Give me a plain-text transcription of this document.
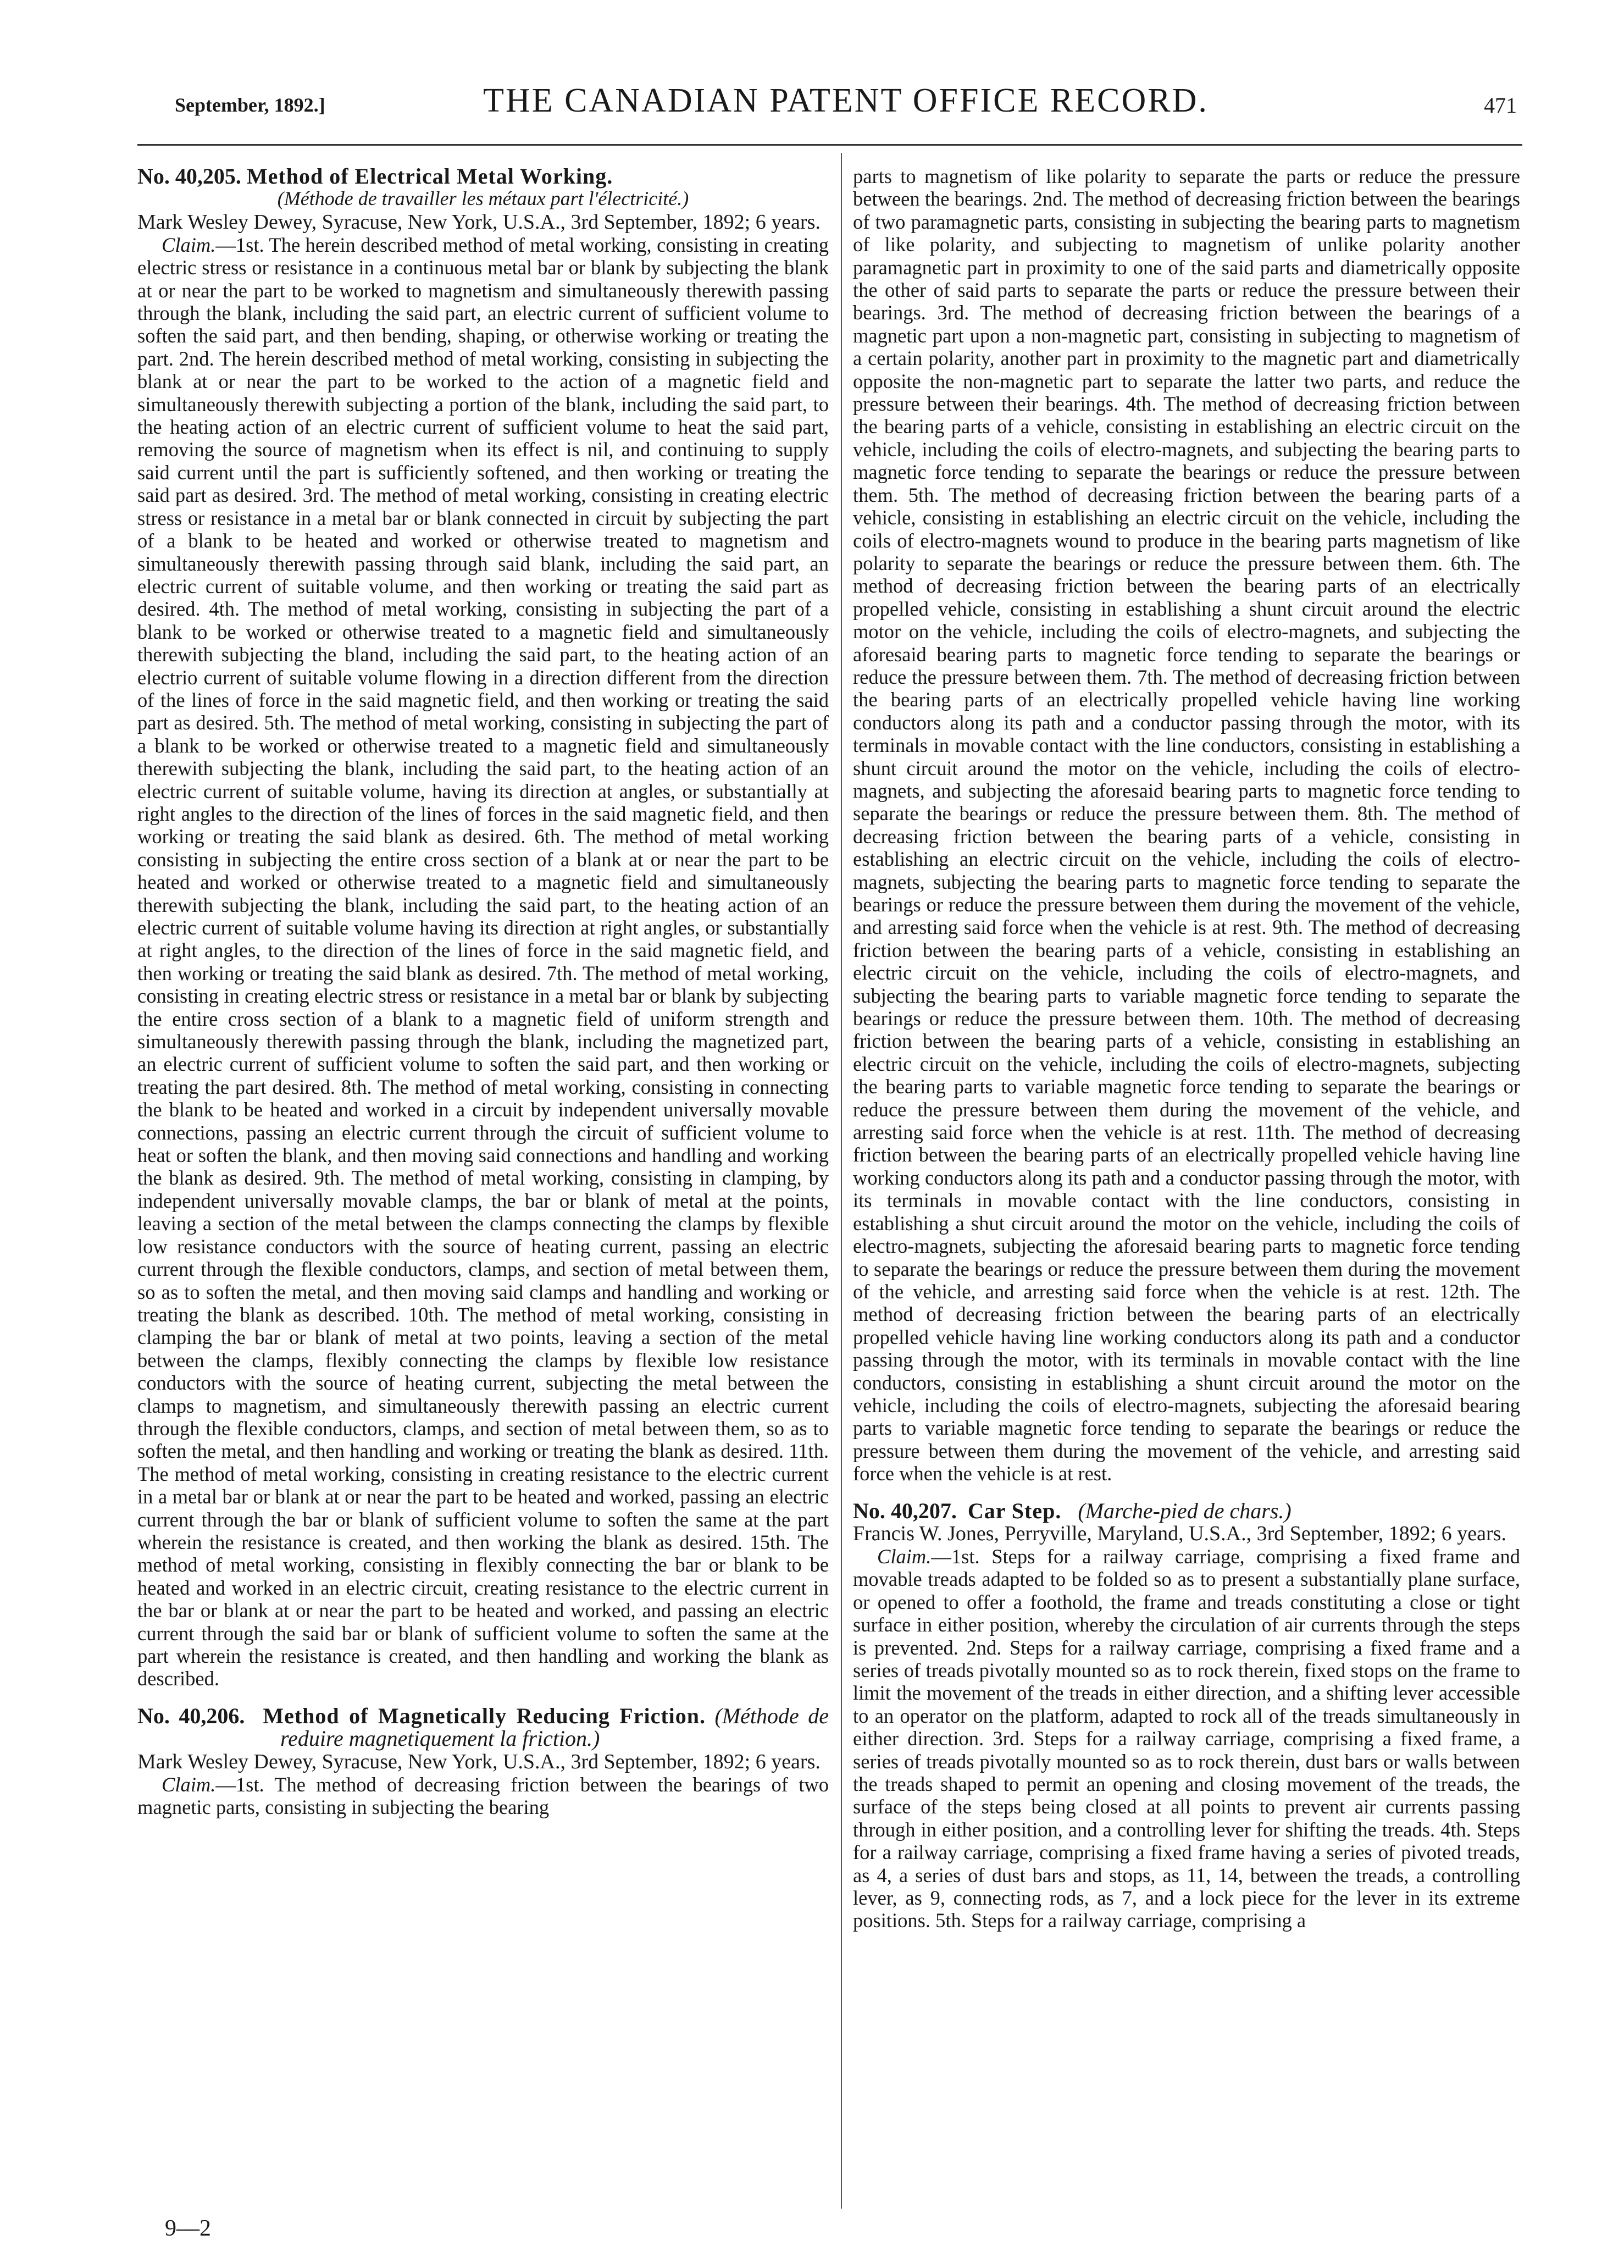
September, 1892.]	THE CANADIAN PATENT OFFICE RECORD.	471

No. 40,205. Method of Electrical Metal Working.

(Méthode de travailler les métaux part l'électricité.)

Mark Wesley Dewey, Syracuse, New York, U.S.A., 3rd September, 1892; 6 years.

Claim.—1st. The herein described method of metal working, consisting in creating electric stress or resistance in a continuous metal bar or blank by subjecting the blank at or near the part to be worked to magnetism and simultaneously therewith passing through the blank, including the said part, an electric current of sufficient volume to soften the said part, and then bending, shaping, or otherwise working or treating the part. 2nd. The herein described method of metal working, consisting in subjecting the blank at or near the part to be worked to the action of a magnetic field and simultaneously therewith subjecting a portion of the blank, including the said part, to the heating action of an electric current of sufficient volume to heat the said part, removing the source of magnetism when its effect is nil, and continuing to supply said current until the part is sufficiently softened, and then working or treating the said part as desired. 3rd. The method of metal working, consisting in creating electric stress or resistance in a metal bar or blank connected in circuit by subjecting the part of a blank to be heated and worked or otherwise treated to magnetism and simultaneously therewith passing through said blank, including the said part, an electric current of suitable volume, and then working or treating the said part as desired. 4th. The method of metal working, consisting in subjecting the part of a blank to be worked or otherwise treated to a magnetic field and simultaneously therewith subjecting the bland, including the said part, to the heating action of an electrio current of suitable volume flowing in a direction different from the direction of the lines of force in the said magnetic field, and then working or treating the said part as desired. 5th. The method of metal working, consisting in subjecting the part of a blank to be worked or otherwise treated to a magnetic field and simultaneously therewith subjecting the blank, including the said part, to the heating action of an electric current of suitable volume, having its direction at angles, or substantially at right angles to the direction of the lines of forces in the said magnetic field, and then working or treating the said blank as desired. 6th. The method of metal working consisting in subjecting the entire cross section of a blank at or near the part to be heated and worked or otherwise treated to a magnetic field and simultaneously therewith subjecting the blank, including the said part, to the heating action of an electric current of suitable volume having its direction at right angles, or substantially at right angles, to the direction of the lines of force in the said magnetic field, and then working or treating the said blank as desired. 7th. The method of metal working, consisting in creating electric stress or resistance in a metal bar or blank by subjecting the entire cross section of a blank to a magnetic field of uniform strength and simultaneously therewith passing through the blank, including the magnetized part, an electric current of sufficient volume to soften the said part, and then working or treating the part desired. 8th. The method of metal working, consisting in connecting the blank to be heated and worked in a circuit by independent universally movable connections, passing an electric current through the circuit of sufficient volume to heat or soften the blank, and then moving said connections and handling and working the blank as desired. 9th. The method of metal working, consisting in clamping, by independent universally movable clamps, the bar or blank of metal at the points, leaving a section of the metal between the clamps connecting the clamps by flexible low resistance conductors with the source of heating current, passing an electric current through the flexible conductors, clamps, and section of metal between them, so as to soften the metal, and then moving said clamps and handling and working or treating the blank as described. 10th. The method of metal working, consisting in clamping the bar or blank of metal at two points, leaving a section of the metal between the clamps, flexibly connecting the clamps by flexible low resistance conductors with the source of heating current, subjecting the metal between the clamps to magnetism, and simultaneously therewith passing an electric current through the flexible conductors, clamps, and section of metal between them, so as to soften the metal, and then handling and working or treating the blank as desired. 11th. The method of metal working, consisting in creating resistance to the electric current in a metal bar or blank at or near the part to be heated and worked, passing an electric current through the bar or blank of sufficient volume to soften the same at the part wherein the resistance is created, and then working the blank as desired. 15th. The method of metal working, consisting in flexibly connecting the bar or blank to be heated and worked in an electric circuit, creating resistance to the electric current in the bar or blank at or near the part to be heated and worked, and passing an electric current through the said bar or blank of sufficient volume to soften the same at the part wherein the resistance is created, and then handling and working the blank as described.

No. 40,206. Method of Magnetically Reducing Friction. (Méthode de reduire magnetiquement la friction.)

Mark Wesley Dewey, Syracuse, New York, U.S.A., 3rd September, 1892; 6 years.

Claim.—1st. The method of decreasing friction between the bearings of two magnetic parts, consisting in subjecting the bearing

parts to magnetism of like polarity to separate the parts or reduce the pressure between the bearings. 2nd. The method of decreasing friction between the bearings of two paramagnetic parts, consisting in subjecting the bearing parts to magnetism of like polarity, and subjecting to magnetism of unlike polarity another paramagnetic part in proximity to one of the said parts and diametrically opposite the other of said parts to separate the parts or reduce the pressure between their bearings. 3rd. The method of decreasing friction between the bearings of a magnetic part upon a non-magnetic part, consisting in subjecting to magnetism of a certain polarity, another part in proximity to the magnetic part and diametrically opposite the non-magnetic part to separate the latter two parts, and reduce the pressure between their bearings. 4th. The method of decreasing friction between the bearing parts of a vehicle, consisting in establishing an electric circuit on the vehicle, including the coils of electro-magnets, and subjecting the bearing parts to magnetic force tending to separate the bearings or reduce the pressure between them. 5th. The method of decreasing friction between the bearing parts of a vehicle, consisting in establishing an electric circuit on the vehicle, including the coils of electro-magnets wound to produce in the bearing parts magnetism of like polarity to separate the bearings or reduce the pressure between them. 6th. The method of decreasing friction between the bearing parts of an electrically propelled vehicle, consisting in establishing a shunt circuit around the electric motor on the vehicle, including the coils of electro-magnets, and subjecting the aforesaid bearing parts to magnetic force tending to separate the bearings or reduce the pressure between them. 7th. The method of decreasing friction between the bearing parts of an electrically propelled vehicle having line working conductors along its path and a conductor passing through the motor, with its terminals in movable contact with the line conductors, consisting in establishing a shunt circuit around the motor on the vehicle, including the coils of electro-magnets, and subjecting the aforesaid bearing parts to magnetic force tending to separate the bearings or reduce the pressure between them. 8th. The method of decreasing friction between the bearing parts of a vehicle, consisting in establishing an electric circuit on the vehicle, including the coils of electro-magnets, subjecting the bearing parts to magnetic force tending to separate the bearings or reduce the pressure between them during the movement of the vehicle, and arresting said force when the vehicle is at rest. 9th. The method of decreasing friction between the bearing parts of a vehicle, consisting in establishing an electric circuit on the vehicle, including the coils of electro-magnets, and subjecting the bearing parts to variable magnetic force tending to separate the bearings or reduce the pressure between them. 10th. The method of decreasing friction between the bearing parts of a vehicle, consisting in establishing an electric circuit on the vehicle, including the coils of electro-magnets, subjecting the bearing parts to variable magnetic force tending to separate the bearings or reduce the pressure between them during the movement of the vehicle, and arresting said force when the vehicle is at rest. 11th. The method of decreasing friction between the bearing parts of an electrically propelled vehicle having line working conductors along its path and a conductor passing through the motor, with its terminals in movable contact with the line conductors, consisting in establishing a shut circuit around the motor on the vehicle, including the coils of electro-magnets, subjecting the aforesaid bearing parts to magnetic force tending to separate the bearings or reduce the pressure between them during the movement of the vehicle, and arresting said force when the vehicle is at rest. 12th. The method of decreasing friction between the bearing parts of an electrically propelled vehicle having line working conductors along its path and a conductor passing through the motor, with its terminals in movable contact with the line conductors, consisting in establishing a shunt circuit around the motor on the vehicle, including the coils of electro-magnets, subjecting the aforesaid bearing parts to variable magnetic force tending to separate the bearings or reduce the pressure between them during the movement of the vehicle, and arresting said force when the vehicle is at rest.

No. 40,207. Car Step. (Marche-pied de chars.)

Francis W. Jones, Perryville, Maryland, U.S.A., 3rd September, 1892; 6 years.

Claim.—1st. Steps for a railway carriage, comprising a fixed frame and movable treads adapted to be folded so as to present a substantially plane surface, or opened to offer a foothold, the frame and treads constituting a close or tight surface in either position, whereby the circulation of air currents through the steps is prevented. 2nd. Steps for a railway carriage, comprising a fixed frame and a series of treads pivotally mounted so as to rock therein, fixed stops on the frame to limit the movement of the treads in either direction, and a shifting lever accessible to an operator on the platform, adapted to rock all of the treads simultaneously in either direction. 3rd. Steps for a railway carriage, comprising a fixed frame, a series of treads pivotally mounted so as to rock therein, dust bars or walls between the treads shaped to permit an opening and closing movement of the treads, the surface of the steps being closed at all points to prevent air currents passing through in either position, and a controlling lever for shifting the treads. 4th. Steps for a railway carriage, comprising a fixed frame having a series of pivoted treads, as 4, a series of dust bars and stops, as 11, 14, between the treads, a controlling lever, as 9, connecting rods, as 7, and a lock piece for the lever in its extreme positions. 5th. Steps for a railway carriage, comprising a

9—2
